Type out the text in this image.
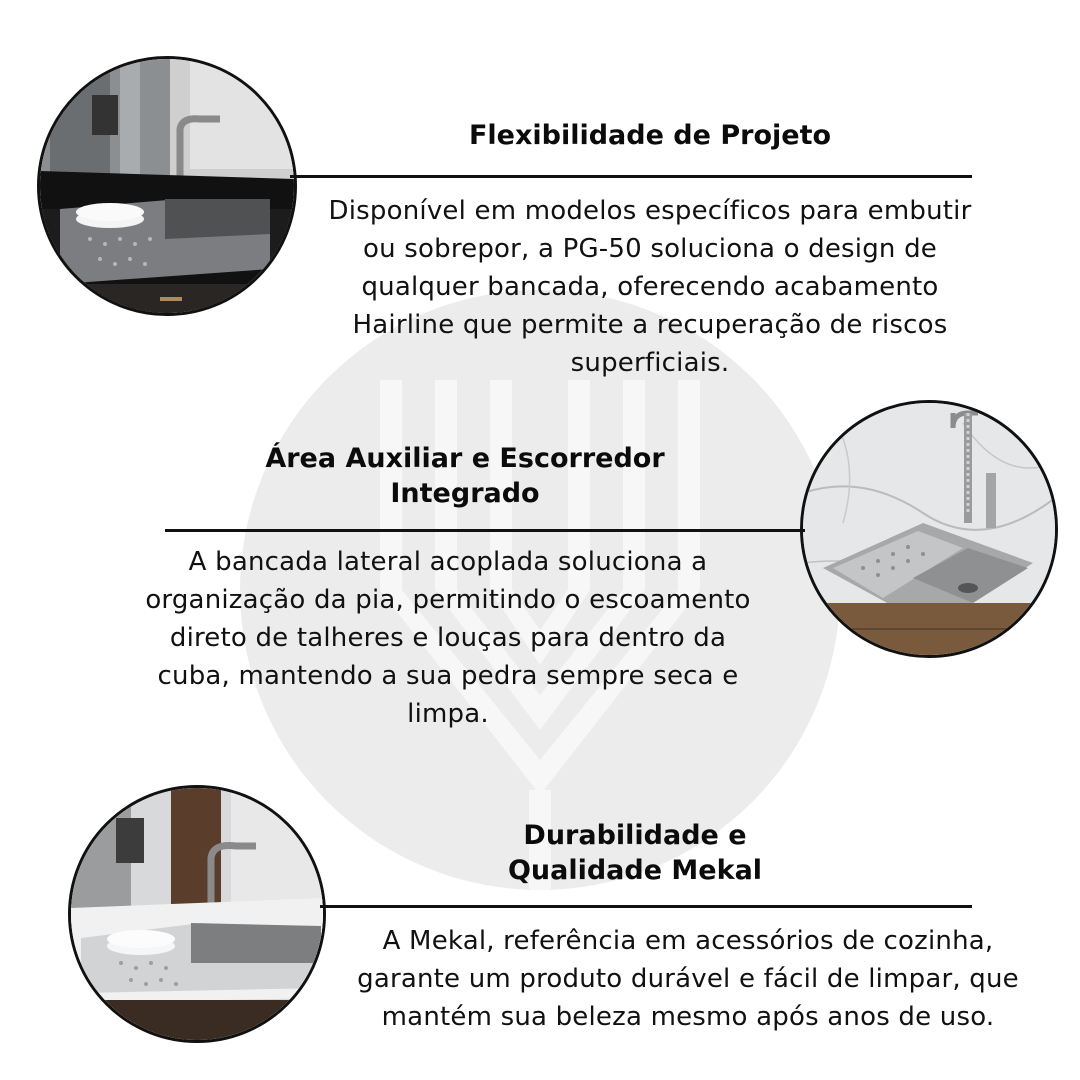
Flexibilidade de Projeto
Disponível em modelos específicos para embutir
ou sobrepor, a PG-50 soluciona o design de
qualquer bancada, oferecendo acabamento
Hairline que permite a recuperação de riscos
superficiais.
Área Auxiliar e Escorredor
Integrado
A bancada lateral acoplada soluciona a
organização da pia, permitindo o escoamento
direto de talheres e louças para dentro da
cuba, mantendo a sua pedra sempre seca e
limpa.
Durabilidade e
Qualidade Mekal
A Mekal, referência em acessórios de cozinha,
garante um produto durável e fácil de limpar, que
mantém sua beleza mesmo após anos de uso.
